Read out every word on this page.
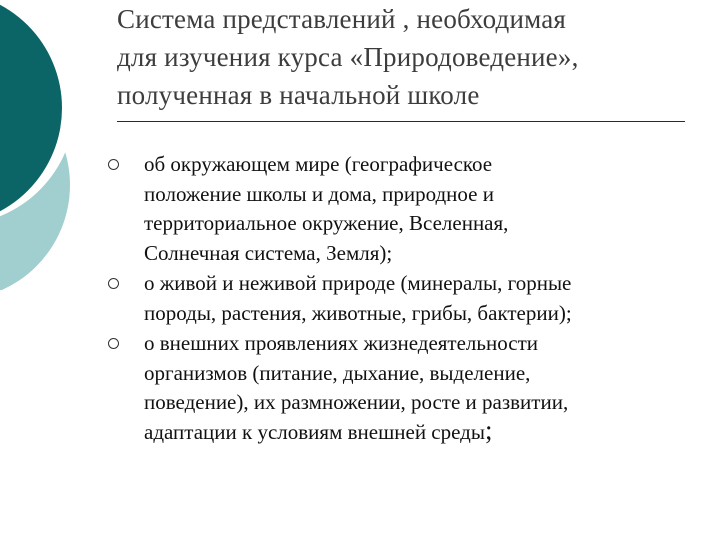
Система представлений , необходимая
для изучения курса «Природоведение»,
полученная в начальной школе
об окружающем мире (географическое
положение школы и дома, природное и
территориальное окружение, Вселенная,
Солнечная система, Земля);
о живой и неживой природе (минералы, горные
породы, растения, животные, грибы, бактерии);
о внешних проявлениях жизнедеятельности
организмов (питание, дыхание, выделение,
поведение), их размножении, росте и развитии,
адаптации к условиям внешней среды;
